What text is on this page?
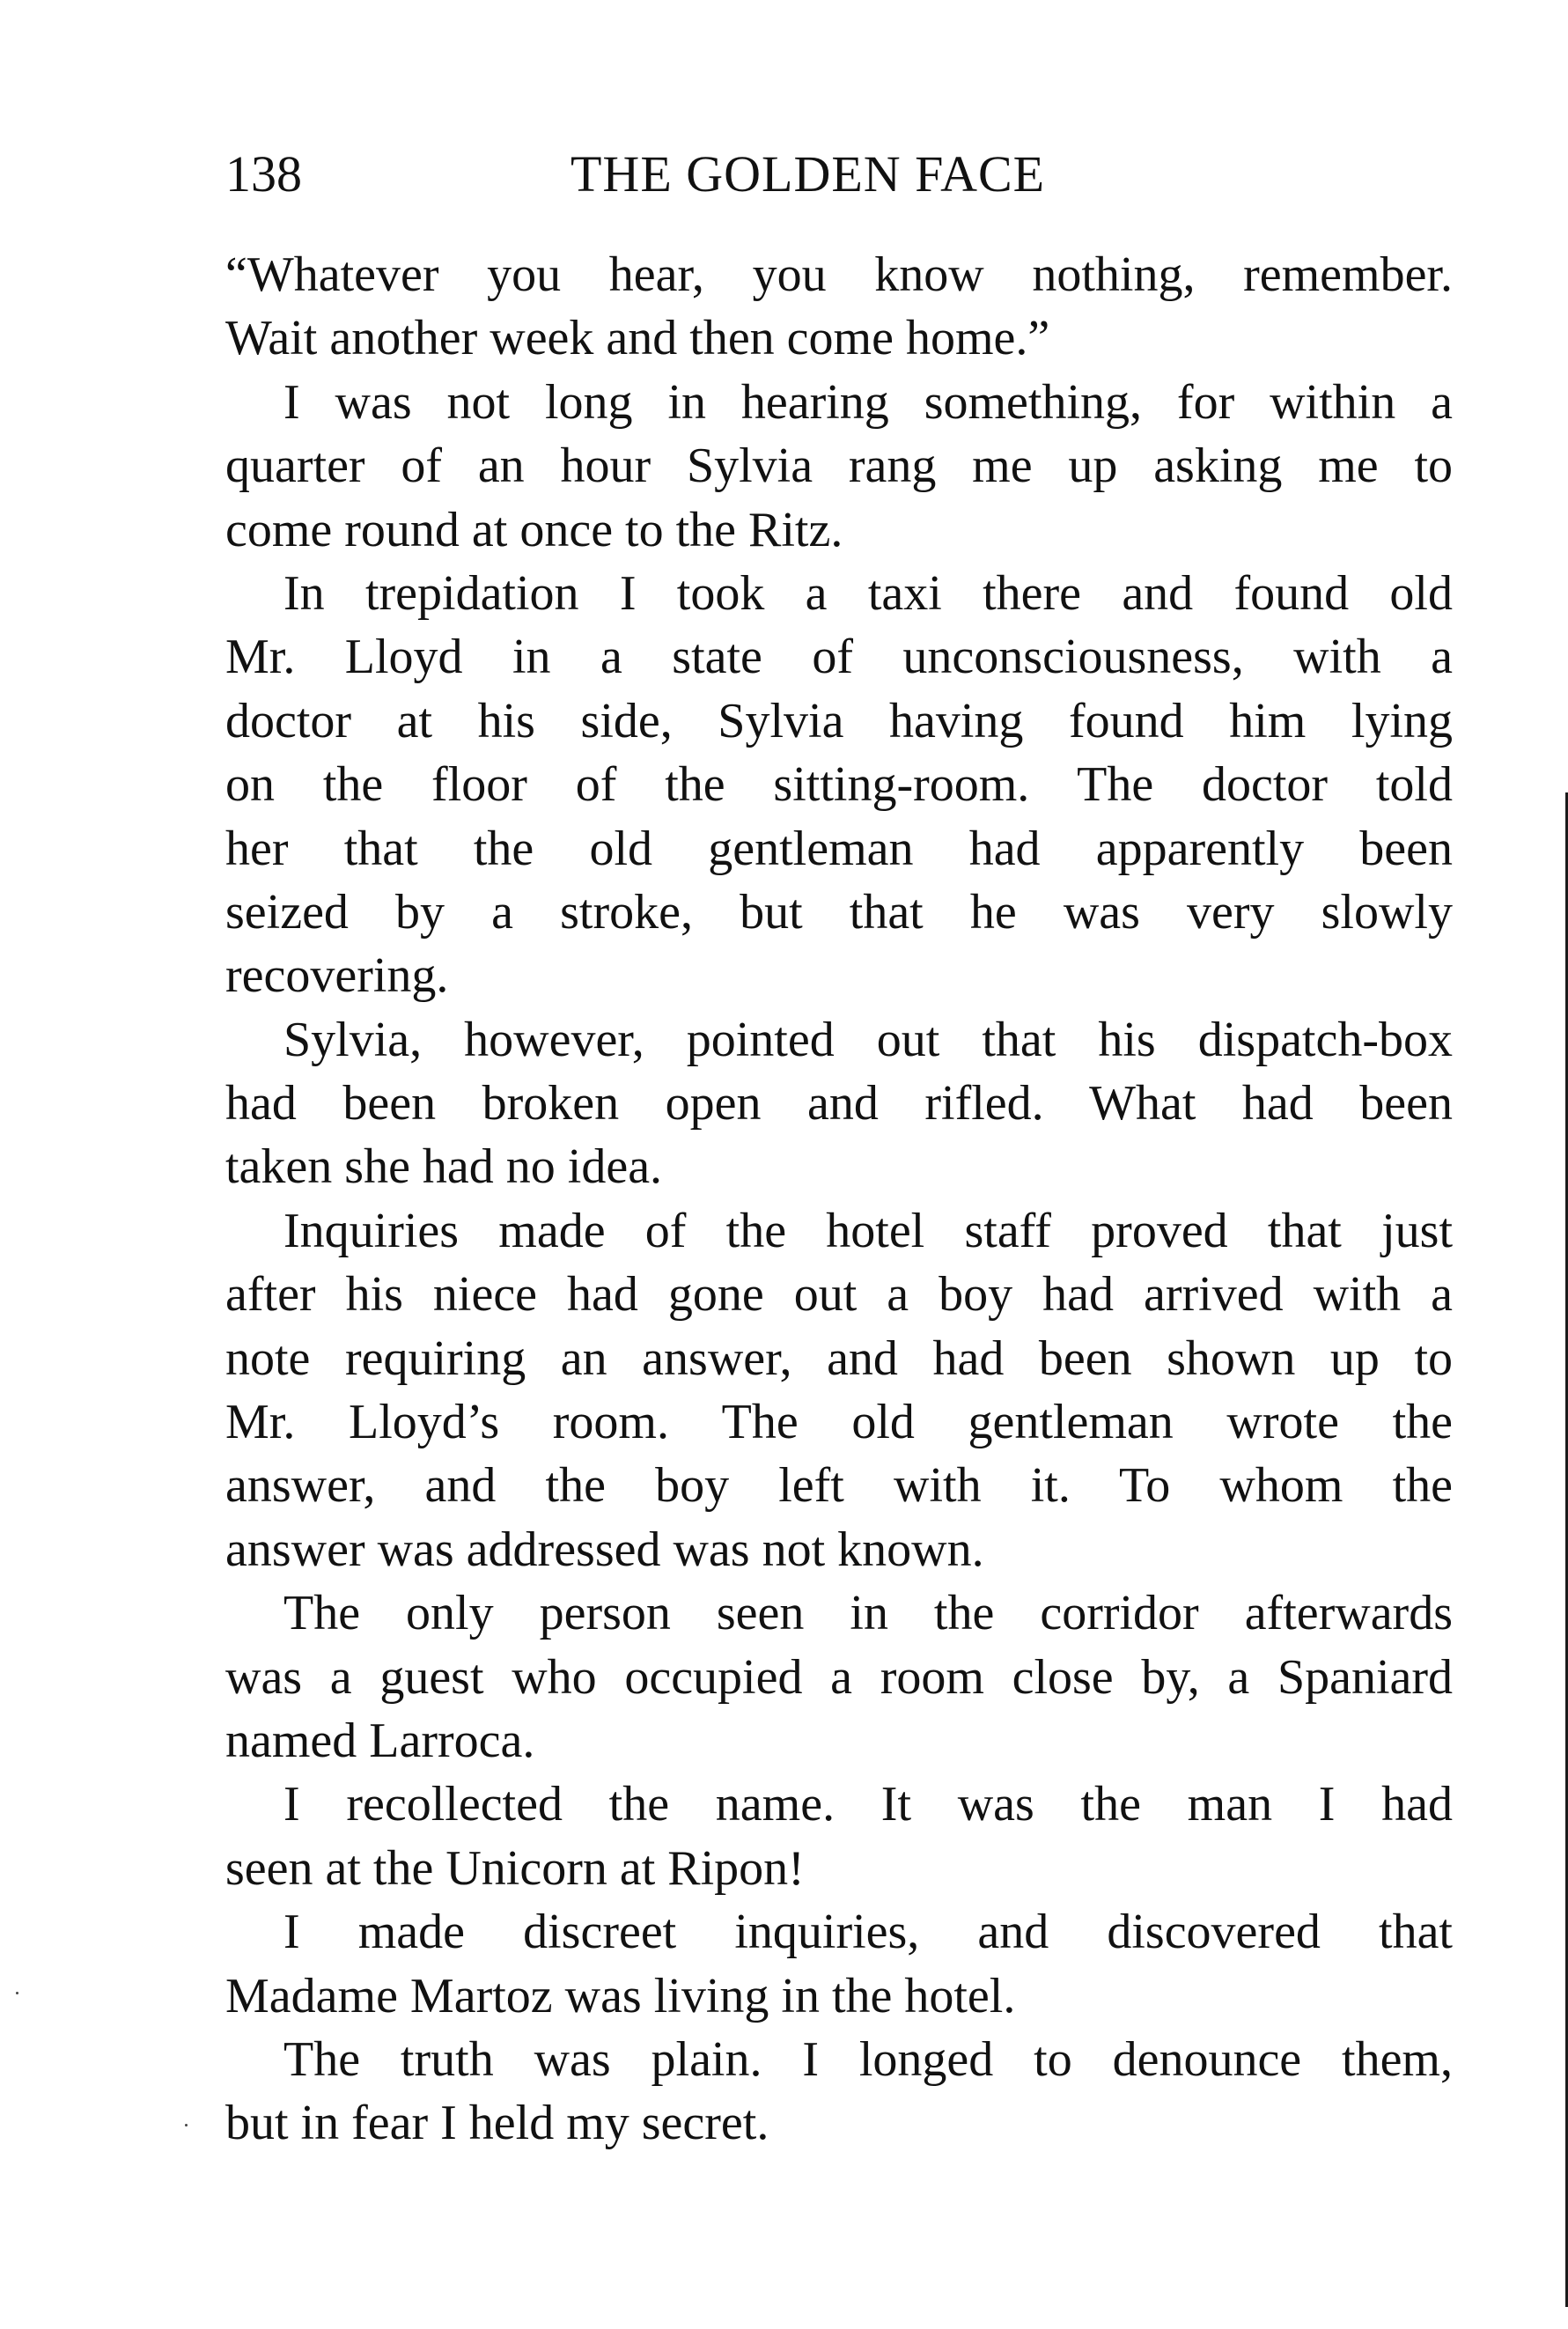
138	THE GOLDEN FACE
“Whatever you hear, you know nothing, remember.
Wait another week and then come home.”
I was not long in hearing something, for within a
quarter of an hour Sylvia rang me up asking me to
come round at once to the Ritz.
In trepidation I took a taxi there and found old
Mr. Lloyd in a state of unconsciousness, with a
doctor at his side, Sylvia having found him lying
on the floor of the sitting-room. The doctor told
her that the old gentleman had apparently been
seized by a stroke, but that he was very slowly
recovering.
Sylvia, however, pointed out that his dispatch-box
had been broken open and rifled. What had been
taken she had no idea.
Inquiries made of the hotel staff proved that just
after his niece had gone out a boy had arrived with a
note requiring an answer, and had been shown up to
Mr. Lloyd’s room. The old gentleman wrote the
answer, and the boy left with it. To whom the
answer was addressed was not known.
The only person seen in the corridor afterwards
was a guest who occupied a room close by, a Spaniard
named Larroca.
I recollected the name. It was the man I had
seen at the Unicorn at Ripon!
I made discreet inquiries, and discovered that
Madame Martoz was living in the hotel.
The truth was plain. I longed to denounce them,
but in fear I held my secret.
